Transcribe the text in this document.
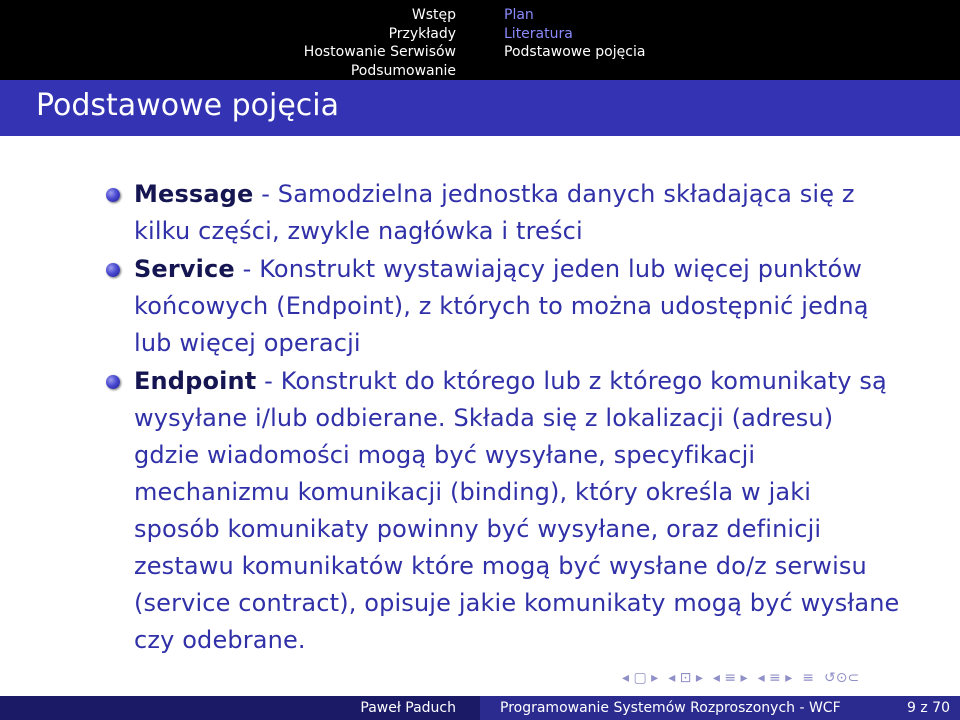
Wstęp
Przykłady
Hostowanie Serwisów
Podsumowanie
Plan
Literatura
Podstawowe pojęcia
Podstawowe pojęcia
Message - Samodzielna jednostka danych składająca się z kilku części, zwykle nagłówka i treści
Service - Konstrukt wystawiający jeden lub więcej punktów końcowych (Endpoint), z których to można udostępnić jedną lub więcej operacji
Endpoint - Konstrukt do którego lub z którego komunikaty są wysyłane i/lub odbierane. Składa się z lokalizacji (adresu) gdzie wiadomości mogą być wysyłane, specyfikacji mechanizmu komunikacji (binding), który określa w jaki sposób komunikaty powinny być wysyłane, oraz definicji zestawu komunikatów które mogą być wysłane do/z serwisu (service contract), opisuje jakie komunikaty mogą być wysłane czy odebrane.
◂ ▢ ▸ ◂ ⊡ ▸ ◂ ≡ ▸ ◂ ≡ ▸ ≡ ↺⊙⊂
Paweł Paduch	Programowanie Systemów Rozproszonych - WCF	9 z 70
